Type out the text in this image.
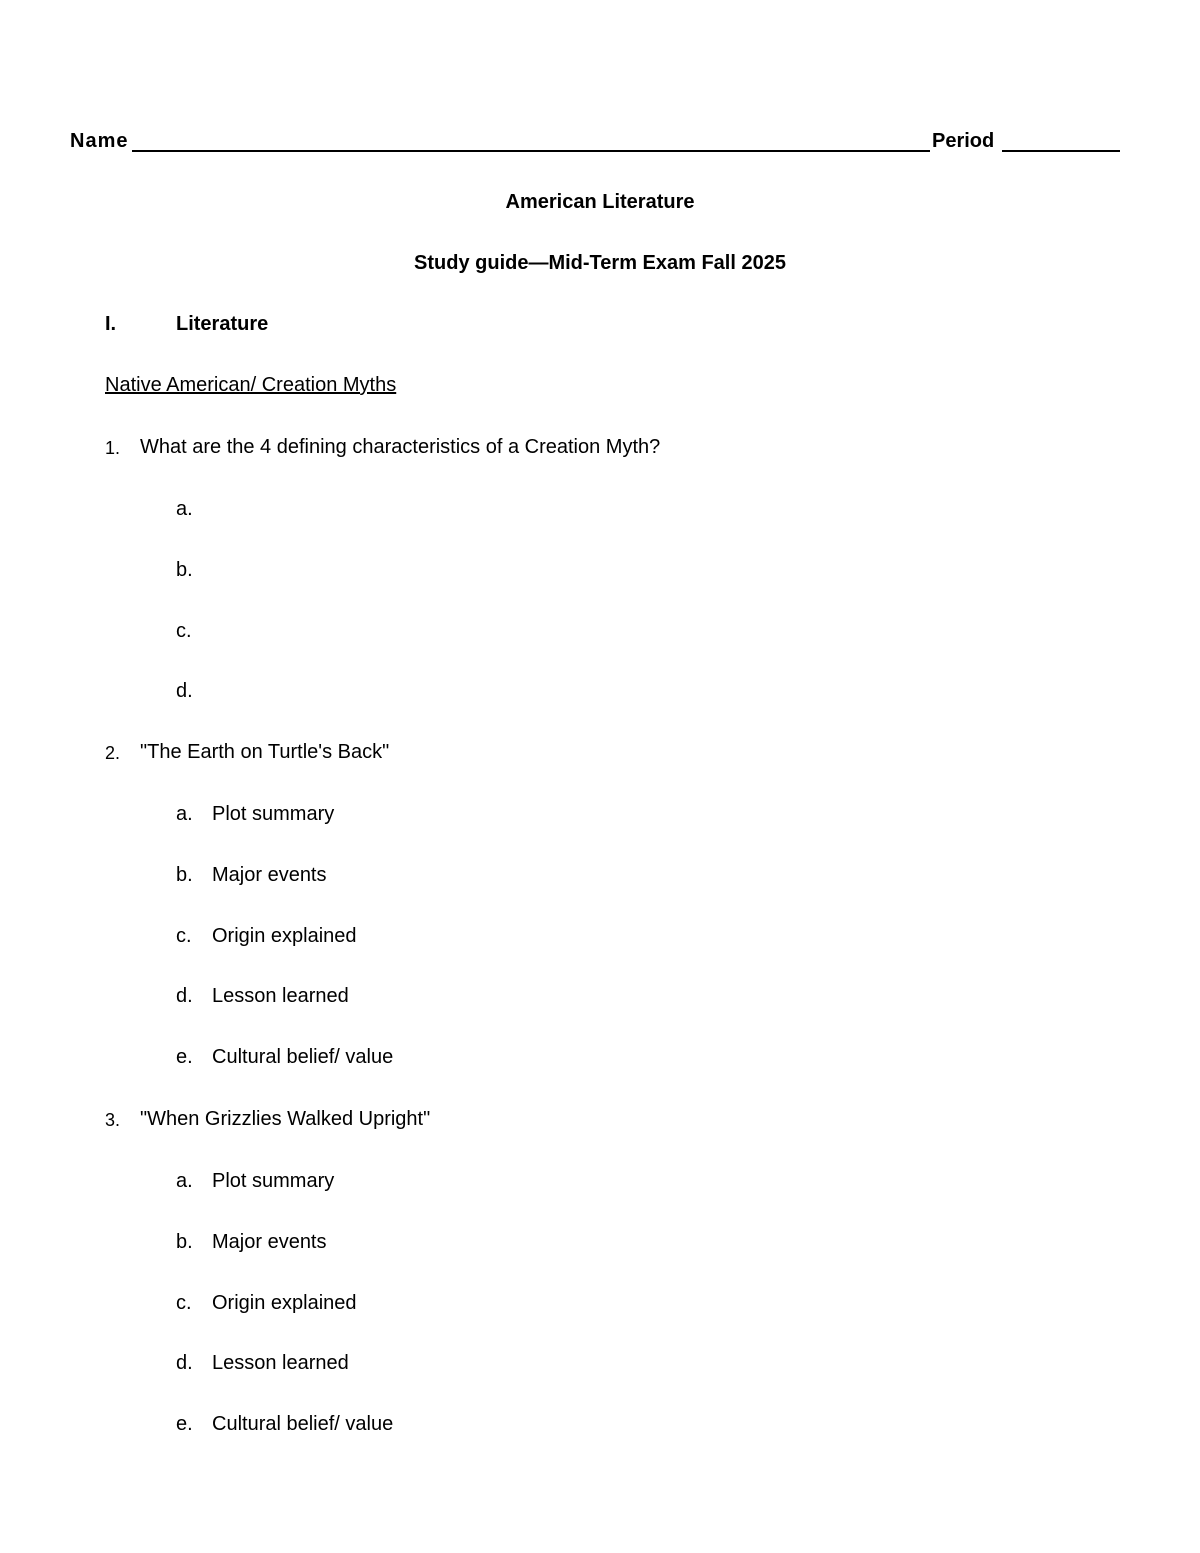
Name	Period
American Literature
Study guide—Mid-Term Exam Fall 2025
I.	Literature
Native American/ Creation Myths
1. What are the 4 defining characteristics of a Creation Myth?
a.
b.
c.
d.
2. "The Earth on Turtle's Back"
a. Plot summary
b. Major events
c. Origin explained
d. Lesson learned
e. Cultural belief/ value
3. "When Grizzlies Walked Upright"
a. Plot summary
b. Major events
c. Origin explained
d. Lesson learned
e. Cultural belief/ value
